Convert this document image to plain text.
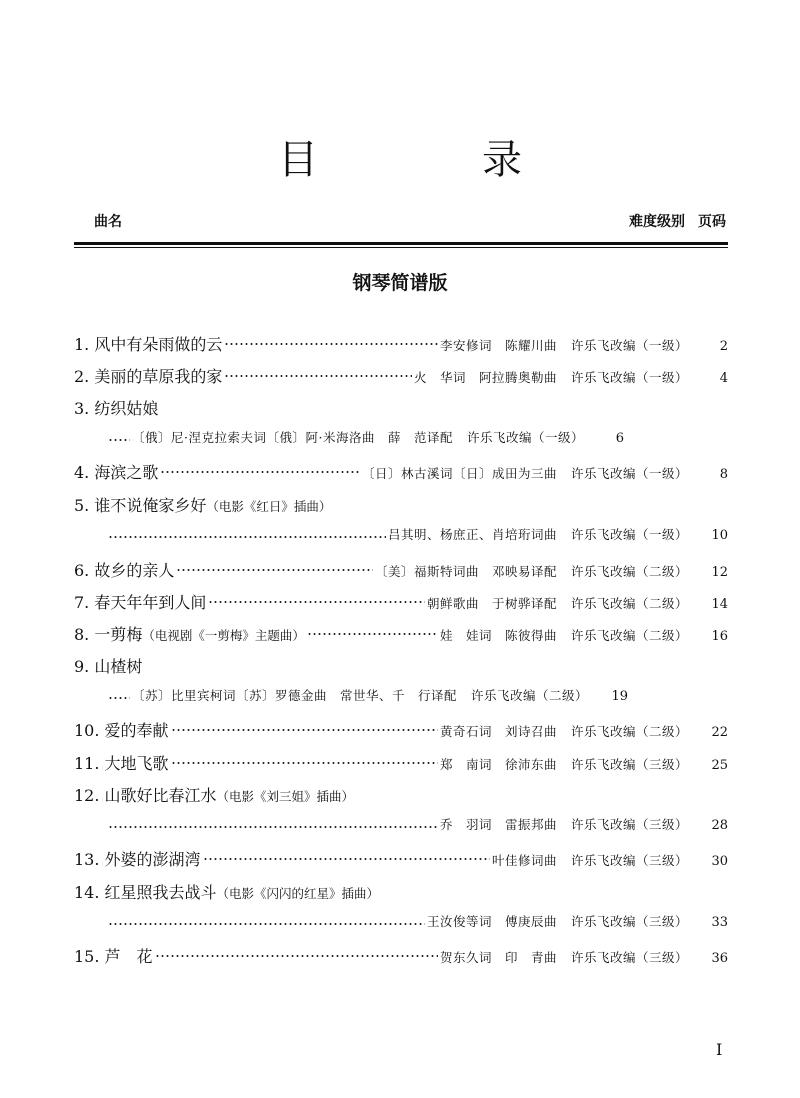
目　录
曲名	难度级别 页码
钢琴简谱版
1. 风中有朵雨做的云	李安修词　陈耀川曲 许乐飞改编（一级）	2
2. 美丽的草原我的家	火　华词　阿拉腾奥勒曲 许乐飞改编（一级）	4
3. 纺织姑娘
〔俄〕尼·涅克拉索夫词〔俄〕阿·米海洛曲　薛　范译配 许乐飞改编（一级）	6
4. 海滨之歌	〔日〕林古溪词〔日〕成田为三曲 许乐飞改编（一级）	8
5. 谁不说俺家乡好（电影《红日》插曲）
吕其明、杨庶正、肖培珩词曲 许乐飞改编（一级）	10
6. 故乡的亲人	〔美〕福斯特词曲　邓映易译配 许乐飞改编（二级）	12
7. 春天年年到人间	朝鲜歌曲　于树骅译配 许乐飞改编（二级）	14
8. 一剪梅（电视剧《一剪梅》主题曲）	娃　娃词　陈彼得曲 许乐飞改编（二级）	16
9. 山楂树
〔苏〕比里宾柯词〔苏〕罗德金曲　常世华、千　行译配 许乐飞改编（二级）	19
10. 爱的奉献	黄奇石词　刘诗召曲 许乐飞改编（二级）	22
11. 大地飞歌	郑　南词　徐沛东曲 许乐飞改编（三级）	25
12. 山歌好比春江水（电影《刘三姐》插曲）
乔　羽词　雷振邦曲 许乐飞改编（三级）	28
13. 外婆的澎湖湾	叶佳修词曲 许乐飞改编（三级）	30
14. 红星照我去战斗（电影《闪闪的红星》插曲）
王汝俊等词　傅庚辰曲 许乐飞改编（三级）	33
15. 芦　花	贺东久词　印　青曲 许乐飞改编（三级）	36
I
